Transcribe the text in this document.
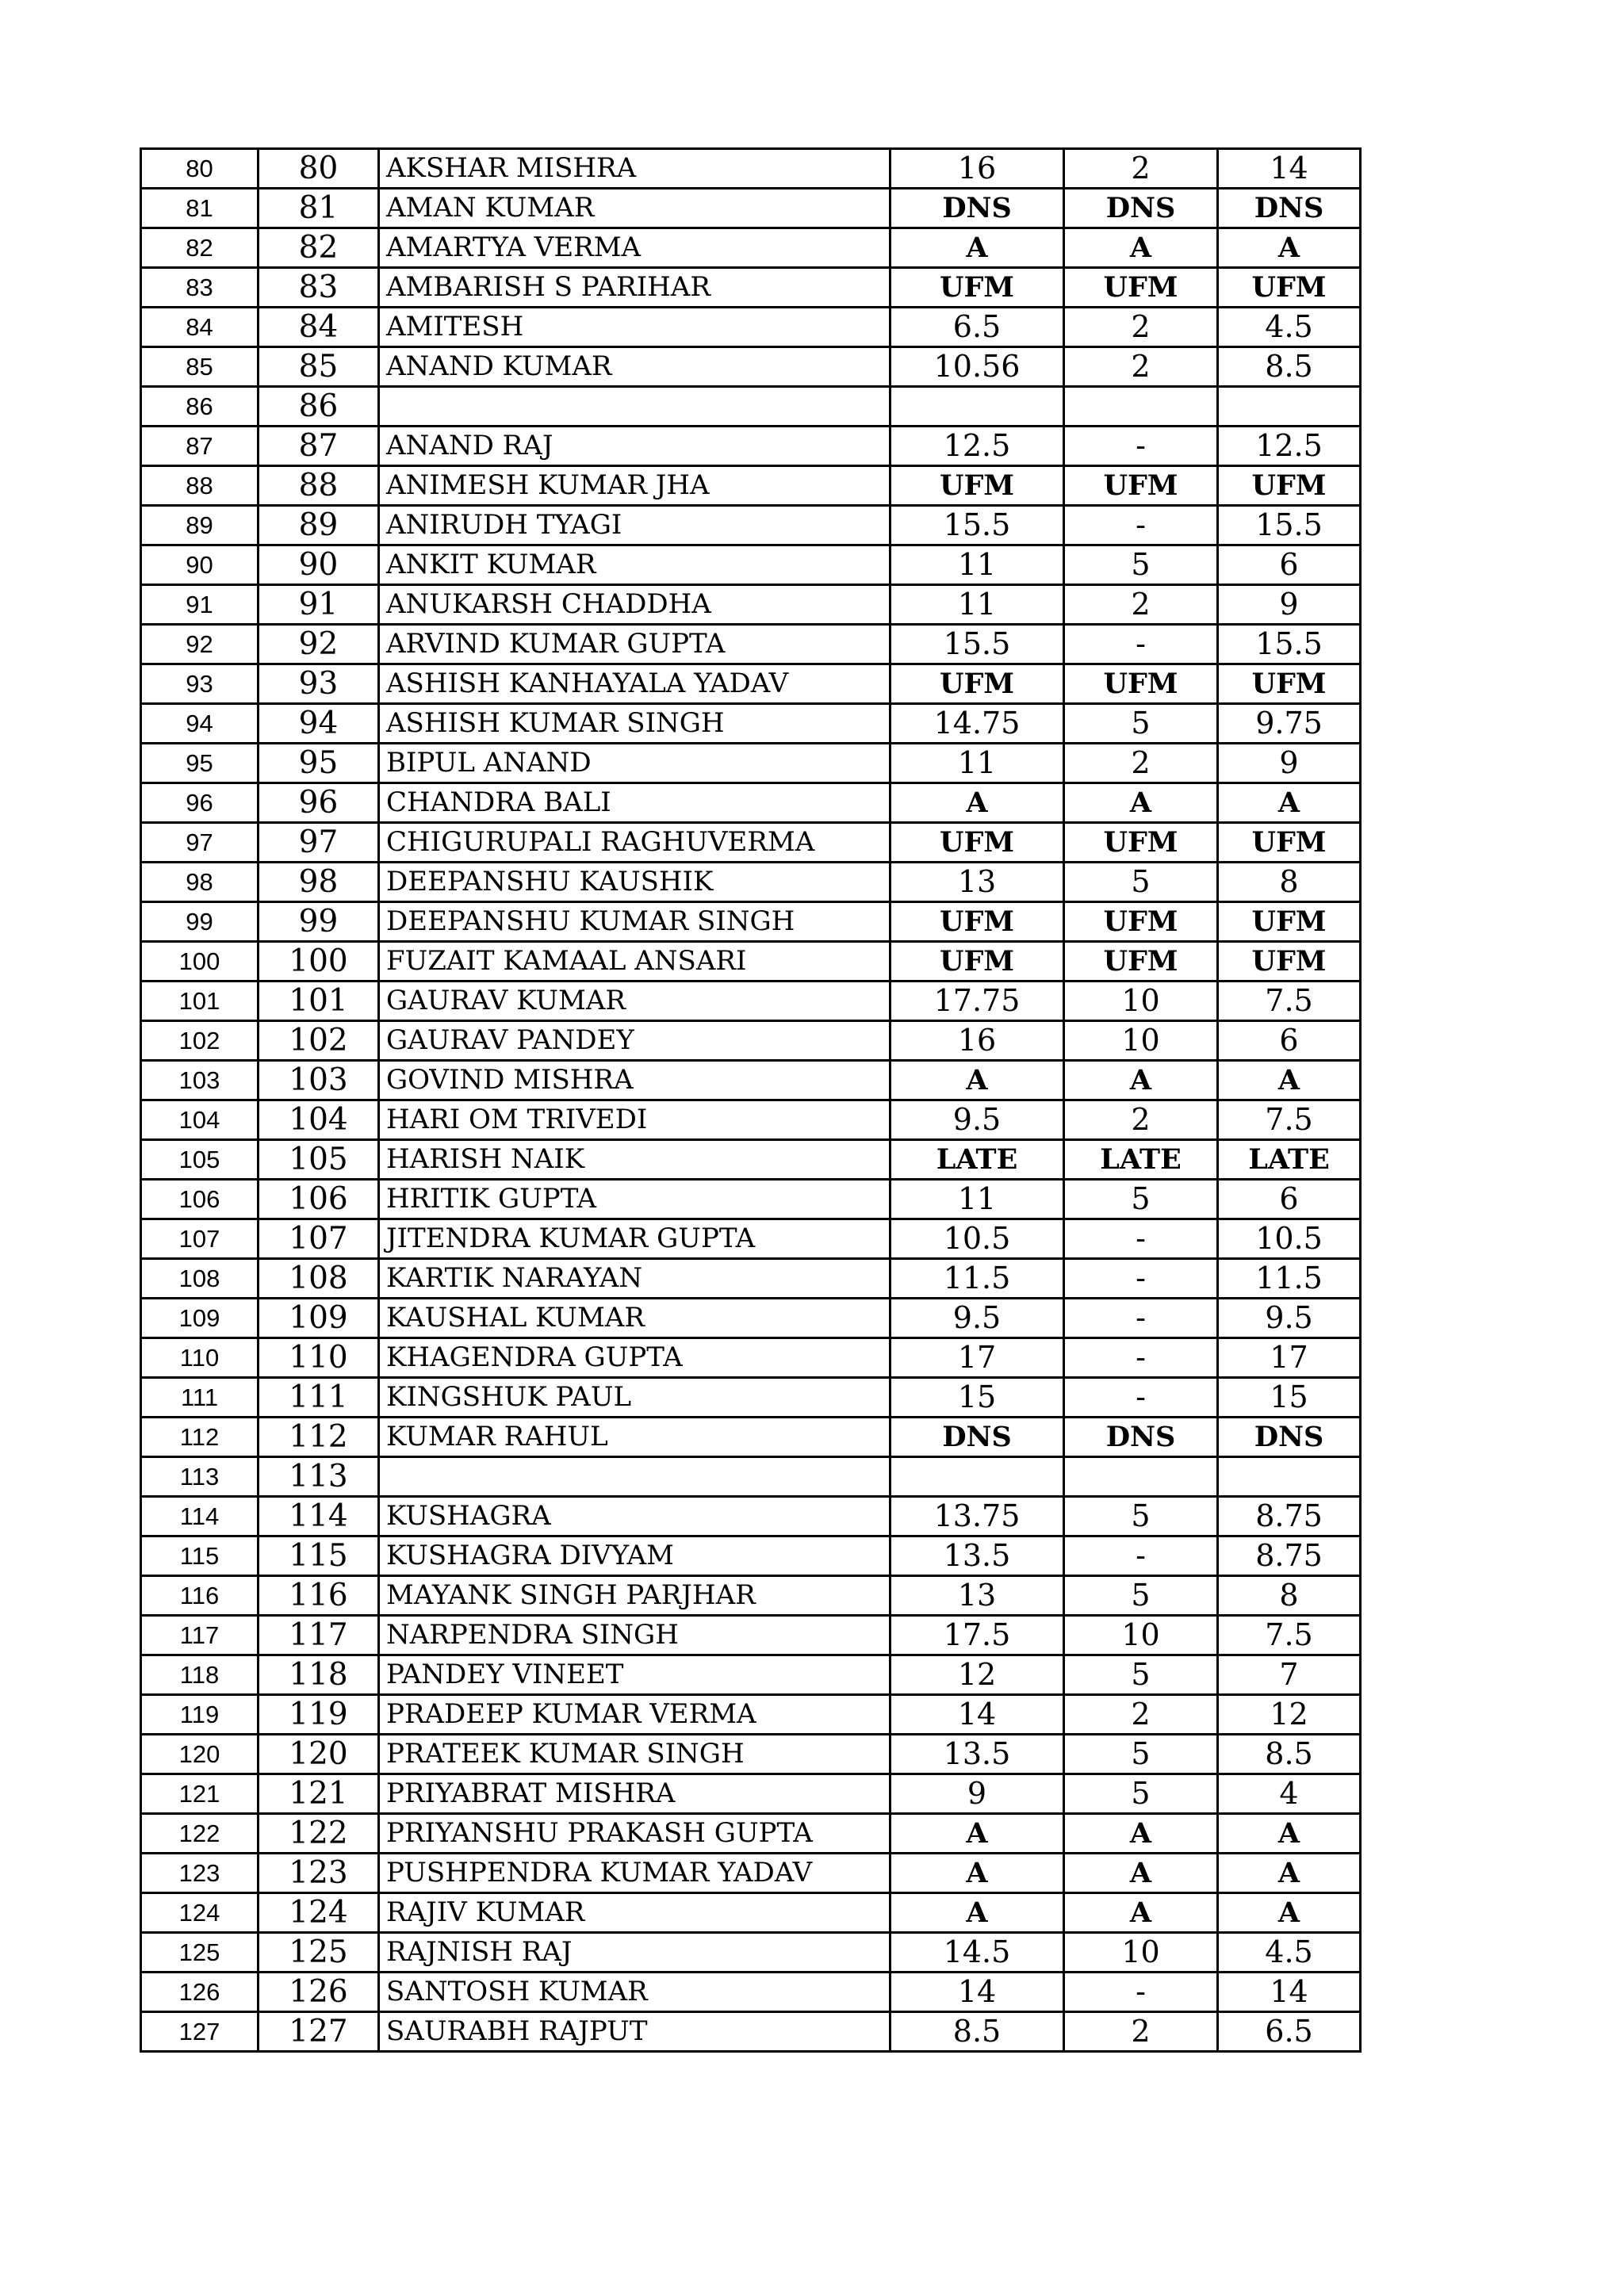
80	80	AKSHAR MISHRA	16	2	14
81	81	AMAN KUMAR	DNS	DNS	DNS
82	82	AMARTYA VERMA	A	A	A
83	83	AMBARISH S PARIHAR	UFM	UFM	UFM
84	84	AMITESH	6.5	2	4.5
85	85	ANAND KUMAR	10.56	2	8.5
86	86				
87	87	ANAND RAJ	12.5	-	12.5
88	88	ANIMESH KUMAR JHA	UFM	UFM	UFM
89	89	ANIRUDH TYAGI	15.5	-	15.5
90	90	ANKIT KUMAR	11	5	6
91	91	ANUKARSH CHADDHA	11	2	9
92	92	ARVIND KUMAR GUPTA	15.5	-	15.5
93	93	ASHISH KANHAYALA YADAV	UFM	UFM	UFM
94	94	ASHISH KUMAR SINGH	14.75	5	9.75
95	95	BIPUL ANAND	11	2	9
96	96	CHANDRA BALI	A	A	A
97	97	CHIGURUPALI RAGHUVERMA	UFM	UFM	UFM
98	98	DEEPANSHU KAUSHIK	13	5	8
99	99	DEEPANSHU KUMAR SINGH	UFM	UFM	UFM
100	100	FUZAIT KAMAAL ANSARI	UFM	UFM	UFM
101	101	GAURAV KUMAR	17.75	10	7.5
102	102	GAURAV PANDEY	16	10	6
103	103	GOVIND MISHRA	A	A	A
104	104	HARI OM TRIVEDI	9.5	2	7.5
105	105	HARISH NAIK	LATE	LATE	LATE
106	106	HRITIK GUPTA	11	5	6
107	107	JITENDRA KUMAR GUPTA	10.5	-	10.5
108	108	KARTIK NARAYAN	11.5	-	11.5
109	109	KAUSHAL KUMAR	9.5	-	9.5
110	110	KHAGENDRA GUPTA	17	-	17
111	111	KINGSHUK PAUL	15	-	15
112	112	KUMAR RAHUL	DNS	DNS	DNS
113	113				
114	114	KUSHAGRA	13.75	5	8.75
115	115	KUSHAGRA DIVYAM	13.5	-	8.75
116	116	MAYANK SINGH PARJHAR	13	5	8
117	117	NARPENDRA SINGH	17.5	10	7.5
118	118	PANDEY VINEET	12	5	7
119	119	PRADEEP KUMAR VERMA	14	2	12
120	120	PRATEEK KUMAR SINGH	13.5	5	8.5
121	121	PRIYABRAT MISHRA	9	5	4
122	122	PRIYANSHU PRAKASH GUPTA	A	A	A
123	123	PUSHPENDRA KUMAR YADAV	A	A	A
124	124	RAJIV KUMAR	A	A	A
125	125	RAJNISH RAJ	14.5	10	4.5
126	126	SANTOSH KUMAR	14	-	14
127	127	SAURABH RAJPUT	8.5	2	6.5
